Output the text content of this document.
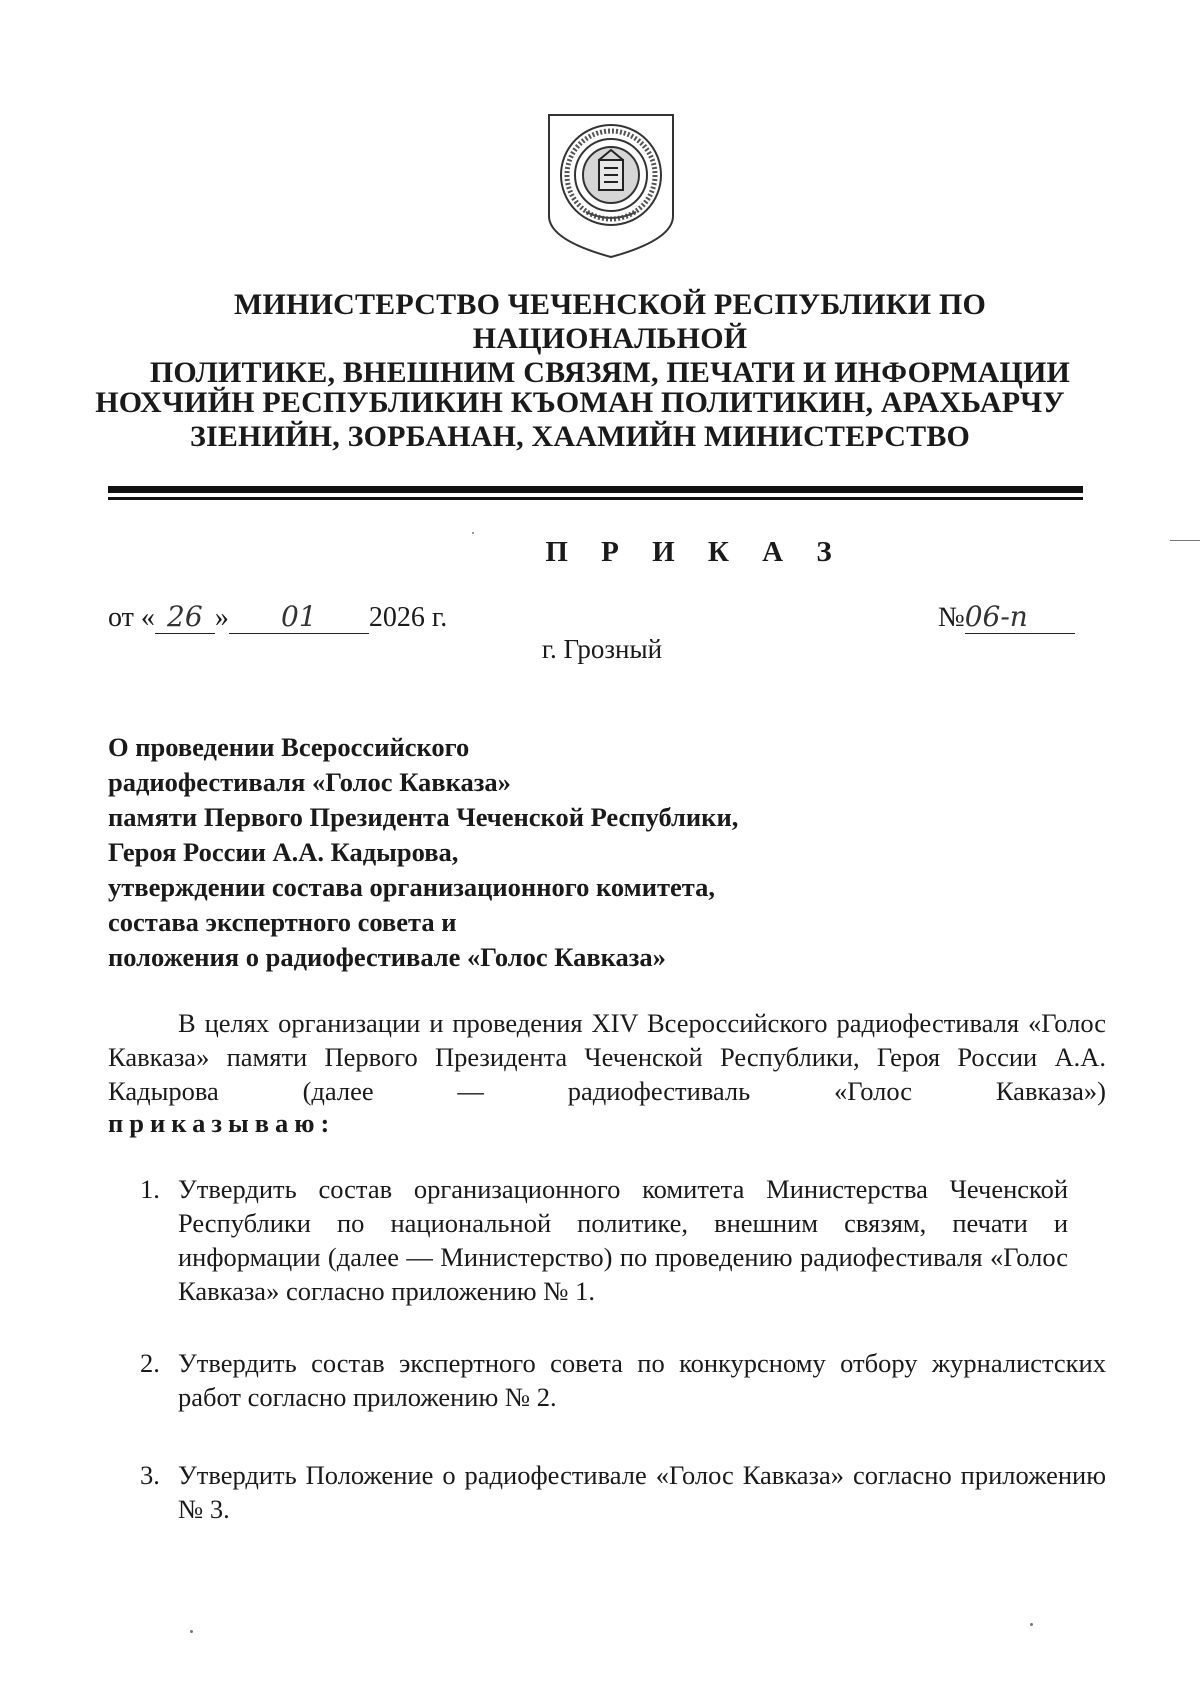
МИНИСТЕРСТВО ЧЕЧЕНСКОЙ РЕСПУБЛИКИ ПО НАЦИОНАЛЬНОЙ
ПОЛИТИКЕ, ВНЕШНИМ СВЯЗЯМ, ПЕЧАТИ И ИНФОРМАЦИИ
НОХЧИЙН РЕСПУБЛИКИН КЪОМАН ПОЛИТИКИН, АРАХЬАРЧУ
ЗIЕНИЙН, ЗОРБАНАН, ХААМИЙН МИНИСТЕРСТВО
П Р И К А З
от « 26 » 01 2026 г.	№06-п
г. Грозный
О проведении Всероссийского
радиофестиваля «Голос Кавказа»
памяти Первого Президента Чеченской Республики,
Героя России А.А. Кадырова,
утверждении состава организационного комитета,
состава экспертного совета и
положения о радиофестивале «Голос Кавказа»
В целях организации и проведения XIV Всероссийского радиофестиваля «Голос Кавказа» памяти Первого Президента Чеченской Республики, Героя России А.А. Кадырова (далее — радиофестиваль «Голос Кавказа»)
приказываю:
1. Утвердить состав организационного комитета Министерства Чеченской Республики по национальной политике, внешним связям, печати и информации (далее — Министерство) по проведению радиофестиваля «Голос Кавказа» согласно приложению № 1.
2. Утвердить состав экспертного совета по конкурсному отбору журналистских работ согласно приложению № 2.
3. Утвердить Положение о радиофестивале «Голос Кавказа» согласно приложению № 3.
